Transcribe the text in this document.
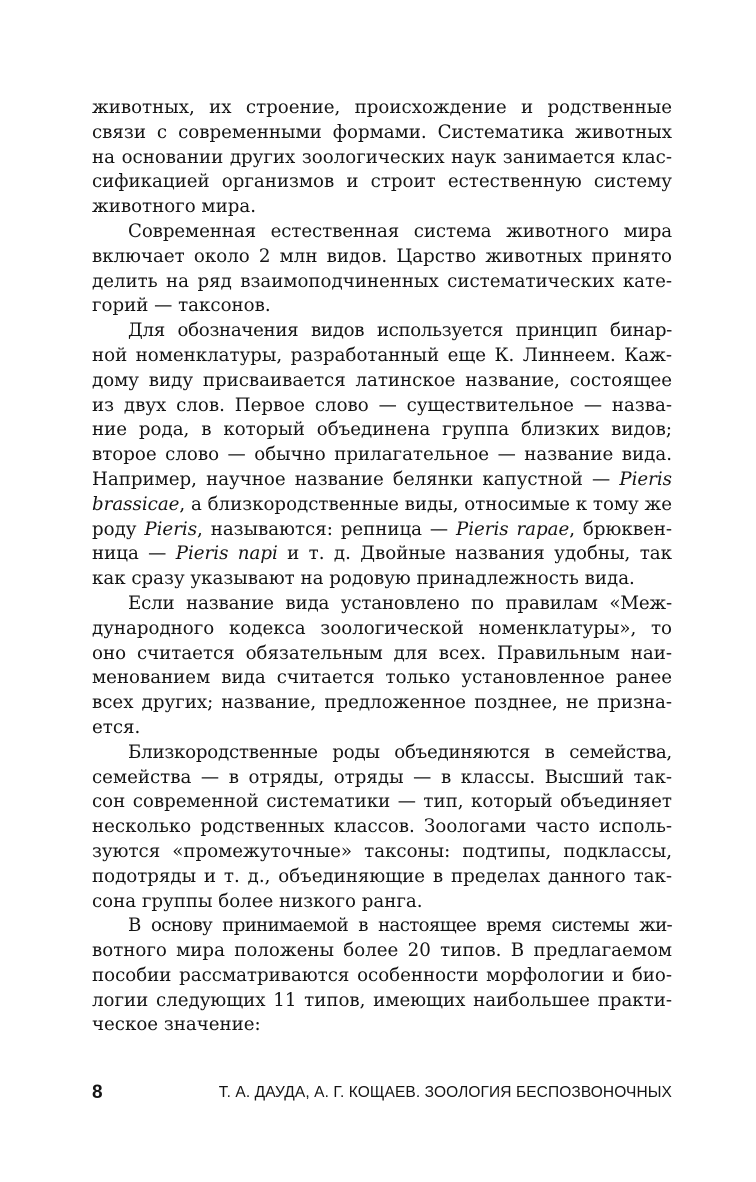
животных, их строение, происхождение и родственные
связи с современными формами. Систематика животных
на основании других зоологических наук занимается клас-
сификацией организмов и строит естественную систему
животного мира.

Современная естественная система животного мира
включает около 2 млн видов. Царство животных принято
делить на ряд взаимоподчиненных систематических кате-
горий — таксонов.

Для обозначения видов используется принцип бинар-
ной номенклатуры, разработанный еще К. Линнеем. Каж-
дому виду присваивается латинское название, состоящее
из двух слов. Первое слово — существительное — назва-
ние рода, в который объединена группа близких видов;
второе слово — обычно прилагательное — название вида.
Например, научное название белянки капустной — Pieris
brassicae, а близкородственные виды, относимые к тому же
роду Pieris, называются: репница — Pieris rapae, брюквен-
ница — Pieris napi и т. д. Двойные названия удобны, так
как сразу указывают на родовую принадлежность вида.

Если название вида установлено по правилам «Меж-
дународного кодекса зоологической номенклатуры», то
оно считается обязательным для всех. Правильным наи-
менованием вида считается только установленное ранее
всех других; название, предложенное позднее, не призна-
ется.

Близкородственные роды объединяются в семейства,
семейства — в отряды, отряды — в классы. Высший так-
сон современной систематики — тип, который объединяет
несколько родственных классов. Зоологами часто исполь-
зуются «промежуточные» таксоны: подтипы, подклассы,
подотряды и т. д., объединяющие в пределах данного так-
сона группы более низкого ранга.

В основу принимаемой в настоящее время системы жи-
вотного мира положены более 20 типов. В предлагаемом
пособии рассматриваются особенности морфологии и био-
логии следующих 11 типов, имеющих наибольшее практи-
ческое значение:

8	Т. А. ДАУДА, А. Г. КОЩАЕВ. ЗООЛОГИЯ БЕСПОЗВОНОЧНЫХ
